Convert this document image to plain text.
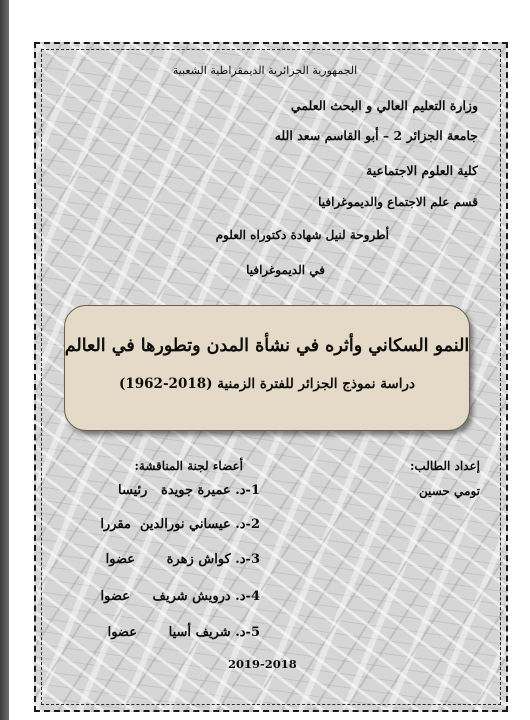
الجمهورية الجزائرية الديمقراطية الشعبية
وزارة التعليم العالي و البحث العلمي
جامعة الجزائر 2 – أبو القاسم سعد الله
كلية العلوم الاجتماعية
قسم علم الاجتماع والديموغرافيا
أطروحة لنيل شهادة دكتوراه العلوم
في الديموغرافيا
النمو السكاني وأثره في نشأة المدن وتطورها في العالم
دراسة نموذج الجزائر للفترة الزمنية (2018-1962)
إعداد الطالب:
تومي حسين
أعضاء لجنة المناقشة:
1-د. عميرة جويدة   رئيسا
2-د. عيساني نورالدين  مقررا
3-د. كواش زهرة       عضوا
4-د. درويش شريف     عضوا
5-د. شريف أسيا       عضوا
2019-2018
